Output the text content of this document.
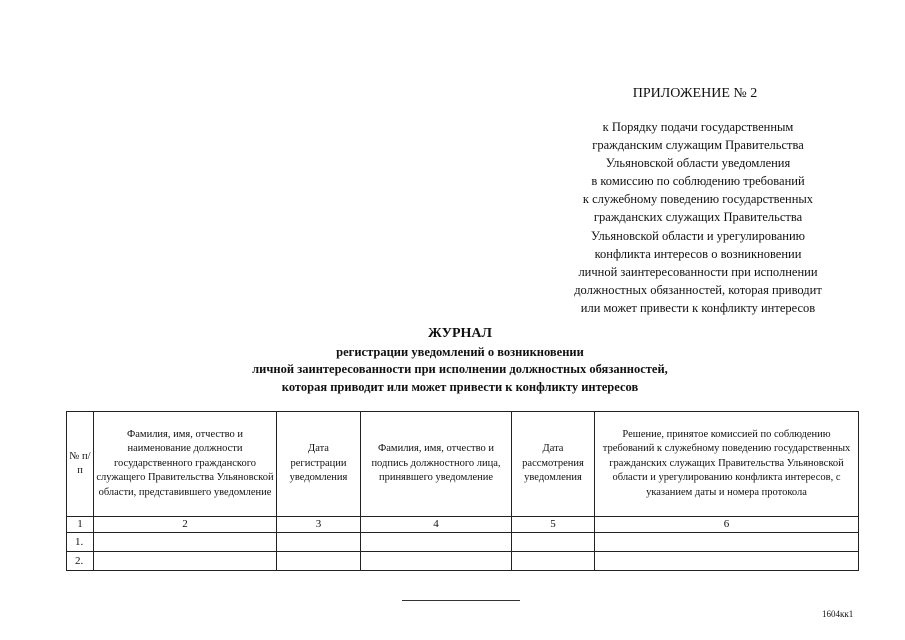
ПРИЛОЖЕНИЕ № 2
к Порядку подачи государственным
гражданским служащим Правительства
Ульяновской области уведомления
в комиссию по соблюдению требований
к служебному поведению государственных
гражданских служащих Правительства
Ульяновской области и урегулированию
конфликта интересов о возникновении
личной заинтересованности при исполнении
должностных обязанностей, которая приводит
или может привести к конфликту интересов
ЖУРНАЛ
регистрации уведомлений о возникновении
личной заинтересованности при исполнении должностных обязанностей,
которая приводит или может привести к конфликту интересов
№ п/п	Фамилия, имя, отчество и наименование должности государственного гражданского служащего Правительства Ульяновской области, представившего уведомление	Дата регистрации уведомления	Фамилия, имя, отчество и подпись должностного лица, принявшего уведомление	Дата рассмотрения уведомления	Решение, принятое комиссией по соблюдению требований к служебному поведению государственных гражданских служащих Правительства Ульяновской области и урегулированию конфликта интересов, с указанием даты и номера протокола
1	2	3	4	5	6
1.					
2.					
1604кк1
